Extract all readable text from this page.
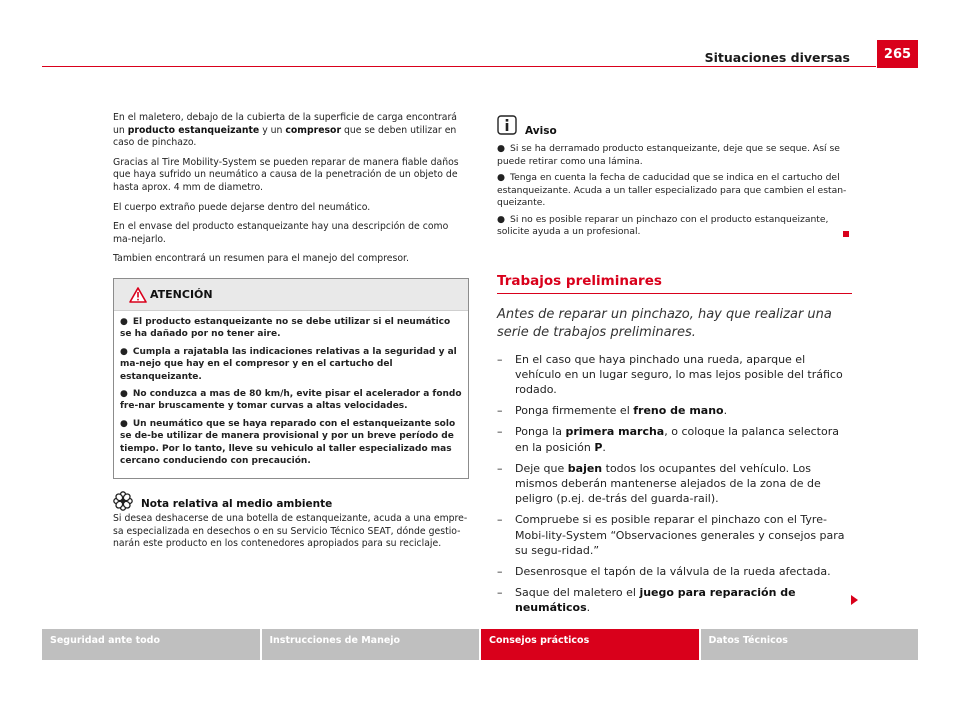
Situaciones diversas	265

En el maletero, debajo de la cubierta de la superficie de carga encontrará un producto estanqueizante y un compresor que se deben utilizar en caso de pinchazo.

Gracias al Tire Mobility-System se pueden reparar de manera fiable daños que haya sufrido un neumático a causa de la penetración de un objeto de hasta aprox. 4 mm de diametro.

El cuerpo extraño puede dejarse dentro del neumático.

En el envase del producto estanqueizante hay una descripción de como ma-nejarlo.

Tambien encontrará un resumen para el manejo del compresor.

ATENCIÓN

● El producto estanqueizante no se debe utilizar si el neumático se ha dañado por no tener aire.

● Cumpla a rajatabla las indicaciones relativas a la seguridad y al ma-nejo que hay en el compresor y en el cartucho del estanqueizante.

● No conduzca a mas de 80 km/h, evite pisar el acelerador a fondo fre-nar bruscamente y tomar curvas a altas velocidades.

● Un neumático que se haya reparado con el estanqueizante solo se de-be utilizar de manera provisional y por un breve período de tiempo. Por lo tanto, lleve su vehiculo al taller especializado mas cercano conduciendo con precaución.

Nota relativa al medio ambiente

Si desea deshacerse de una botella de estanqueizante, acuda a una empre-sa especializada en desechos o en su Servicio Técnico SEAT, dónde gestio-narán este producto en los contenedores apropiados para su reciclaje.

Aviso

● Si se ha derramado producto estanqueizante, deje que se seque. Así se puede retirar como una lámina.

● Tenga en cuenta la fecha de caducidad que se indica en el cartucho del estanqueizante. Acuda a un taller especializado para que cambien el estan-queizante.

● Si no es posible reparar un pinchazo con el producto estanqueizante, solicite ayuda a un profesional.

Trabajos preliminares
Antes de reparar un pinchazo, hay que realizar una serie de trabajos preliminares.
– En el caso que haya pinchado una rueda, aparque el vehículo en un lugar seguro, lo mas lejos posible del tráfico rodado.
– Ponga firmemente el freno de mano.
– Ponga la primera marcha, o coloque la palanca selectora en la posición P.
– Deje que bajen todos los ocupantes del vehículo. Los mismos deberán mantenerse alejados de la zona de de peligro (p.ej. de-trás del guarda-rail).
– Compruebe si es posible reparar el pinchazo con el Tyre-Mobi-lity-System “Observaciones generales y consejos para su segu-ridad.”
– Desenrosque el tapón de la válvula de la rueda afectada.
– Saque del maletero el juego para reparación de neumáticos.
Seguridad ante todo	Instrucciones de Manejo	Consejos prácticos	Datos Técnicos
